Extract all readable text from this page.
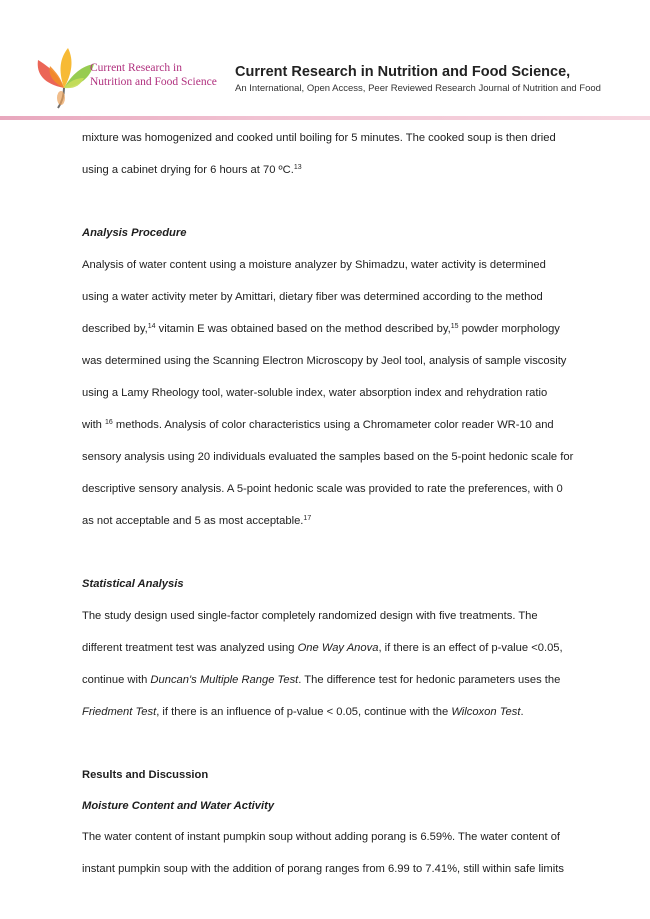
Current Research in
Nutrition and Food Science
Current Research in Nutrition and Food Science,
An International, Open Access, Peer Reviewed Research Journal of Nutrition and Food

mixture was homogenized and cooked until boiling for 5 minutes. The cooked soup is then dried

using a cabinet drying for 6 hours at 70 ºC.$^{13}$

Analysis Procedure

Analysis of water content using a moisture analyzer by Shimadzu, water activity is determined

using a water activity meter by Amittari, dietary fiber was determined according to the method

described by,$^{14}$ vitamin E was obtained based on the method described by,$^{15}$ powder morphology

was determined using the Scanning Electron Microscopy by Jeol tool, analysis of sample viscosity

using a Lamy Rheology tool, water-soluble index, water absorption index and rehydration ratio

with $^{16}$ methods. Analysis of color characteristics using a Chromameter color reader WR-10 and

sensory analysis using 20 individuals evaluated the samples based on the 5-point hedonic scale for

descriptive sensory analysis. A 5-point hedonic scale was provided to rate the preferences, with 0

as not acceptable and 5 as most acceptable.$^{17}$

Statistical Analysis

The study design used single-factor completely randomized design with five treatments. The

different treatment test was analyzed using One Way Anova, if there is an effect of p-value <0.05,

continue with Duncan's Multiple Range Test. The difference test for hedonic parameters uses the

Friedment Test, if there is an influence of p-value < 0.05, continue with the Wilcoxon Test.

Results and Discussion

Moisture Content and Water Activity

The water content of instant pumpkin soup without adding porang is 6.59%. The water content of

instant pumpkin soup with the addition of porang ranges from 6.99 to 7.41%, still within safe limits
